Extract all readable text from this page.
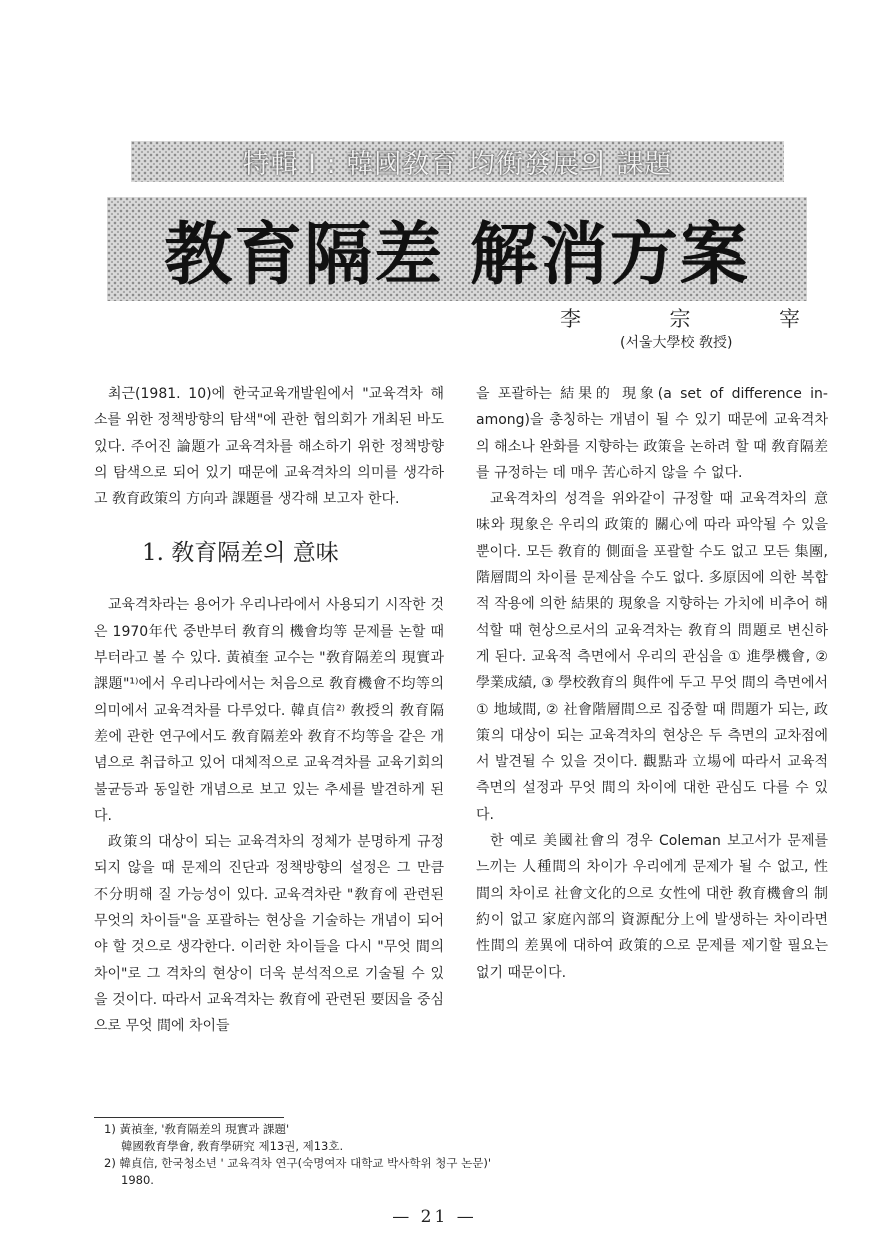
特輯 I : 韓國敎育 均衡發展의 課題
教育隔差 解消方案
李	宗	宰
(서울大學校 敎授)

최근(1981. 10)에 한국교육개발원에서 "교육격차 해소를 위한 정책방향의 탐색"에 관한 협의회가 개최된 바도 있다. 주어진 論題가 교육격차를 해소하기 위한 정책방향의 탐색으로 되어 있기 때문에 교육격차의 의미를 생각하고 敎育政策의 方向과 課題를 생각해 보고자 한다.

1. 敎育隔差의 意味

교육격차라는 용어가 우리나라에서 사용되기 시작한 것은 1970年代 중반부터 敎育의 機會均等 문제를 논할 때부터라고 볼 수 있다. 黃禎奎 교수는 "敎育隔差의 現實과 課題"¹⁾에서 우리나라에서는 처음으로 敎育機會不均等의 의미에서 교육격차를 다루었다. 韓貞信²⁾ 敎授의 敎育隔差에 관한 연구에서도 敎育隔差와 敎育不均等을 같은 개념으로 취급하고 있어 대체적으로 교육격차를 교육기회의 불균등과 동일한 개념으로 보고 있는 추세를 발견하게 된다.

政策의 대상이 되는 교육격차의 정체가 분명하게 규정되지 않을 때 문제의 진단과 정책방향의 설정은 그 만큼 不分明해 질 가능성이 있다. 교육격차란 "敎育에 관련된 무엇의 차이들"을 포괄하는 현상을 기술하는 개념이 되어야 할 것으로 생각한다. 이러한 차이들을 다시 "무엇 間의 차이"로 그 격차의 현상이 더욱 분석적으로 기술될 수 있을 것이다. 따라서 교육격차는 敎育에 관련된 要因을 중심으로 무엇 間에 차이들

을 포괄하는 結果的 現象(a set of difference in-among)을 총칭하는 개념이 될 수 있기 때문에 교육격차의 해소나 완화를 지향하는 政策을 논하려 할 때 敎育隔差를 규정하는 데 매우 苦心하지 않을 수 없다.

교육격차의 성격을 위와같이 규정할 때 교육격차의 意味와 現象은 우리의 政策的 關心에 따라 파악될 수 있을 뿐이다. 모든 敎育的 側面을 포괄할 수도 없고 모든 集團, 階層間의 차이를 문제삼을 수도 없다. 多原因에 의한 복합적 작용에 의한 結果的 現象을 지향하는 가치에 비추어 해석할 때 현상으로서의 교육격차는 敎育의 問題로 변신하게 된다. 교육적 측면에서 우리의 관심을 ① 進學機會, ② 學業成績, ③ 學校敎育의 與件에 두고 무엇 間의 측면에서 ① 地域間, ② 社會階層間으로 집중할 때 問題가 되는, 政策의 대상이 되는 교육격차의 현상은 두 측면의 교차점에서 발견될 수 있을 것이다. 觀點과 立場에 따라서 교육적 측면의 설정과 무엇 間의 차이에 대한 관심도 다를 수 있다.

한 예로 美國社會의 경우 Coleman 보고서가 문제를 느끼는 人種間의 차이가 우리에게 문제가 될 수 없고, 性間의 차이로 社會文化的으로 女性에 대한 敎育機會의 制約이 없고 家庭內部의 資源配分上에 발생하는 차이라면 性間의 差異에 대하여 政策的으로 문제를 제기할 필요는 없기 때문이다.

1) 黃禎奎, '敎育隔差의 現實과 課題'

韓國敎育學會, 敎育學硏究 제13권, 제13호.

2) 韓貞信, 한국청소년 ' 교육격차 연구(숙명여자 대학교 박사학위 청구 논문)'

1980.

— 21 —
